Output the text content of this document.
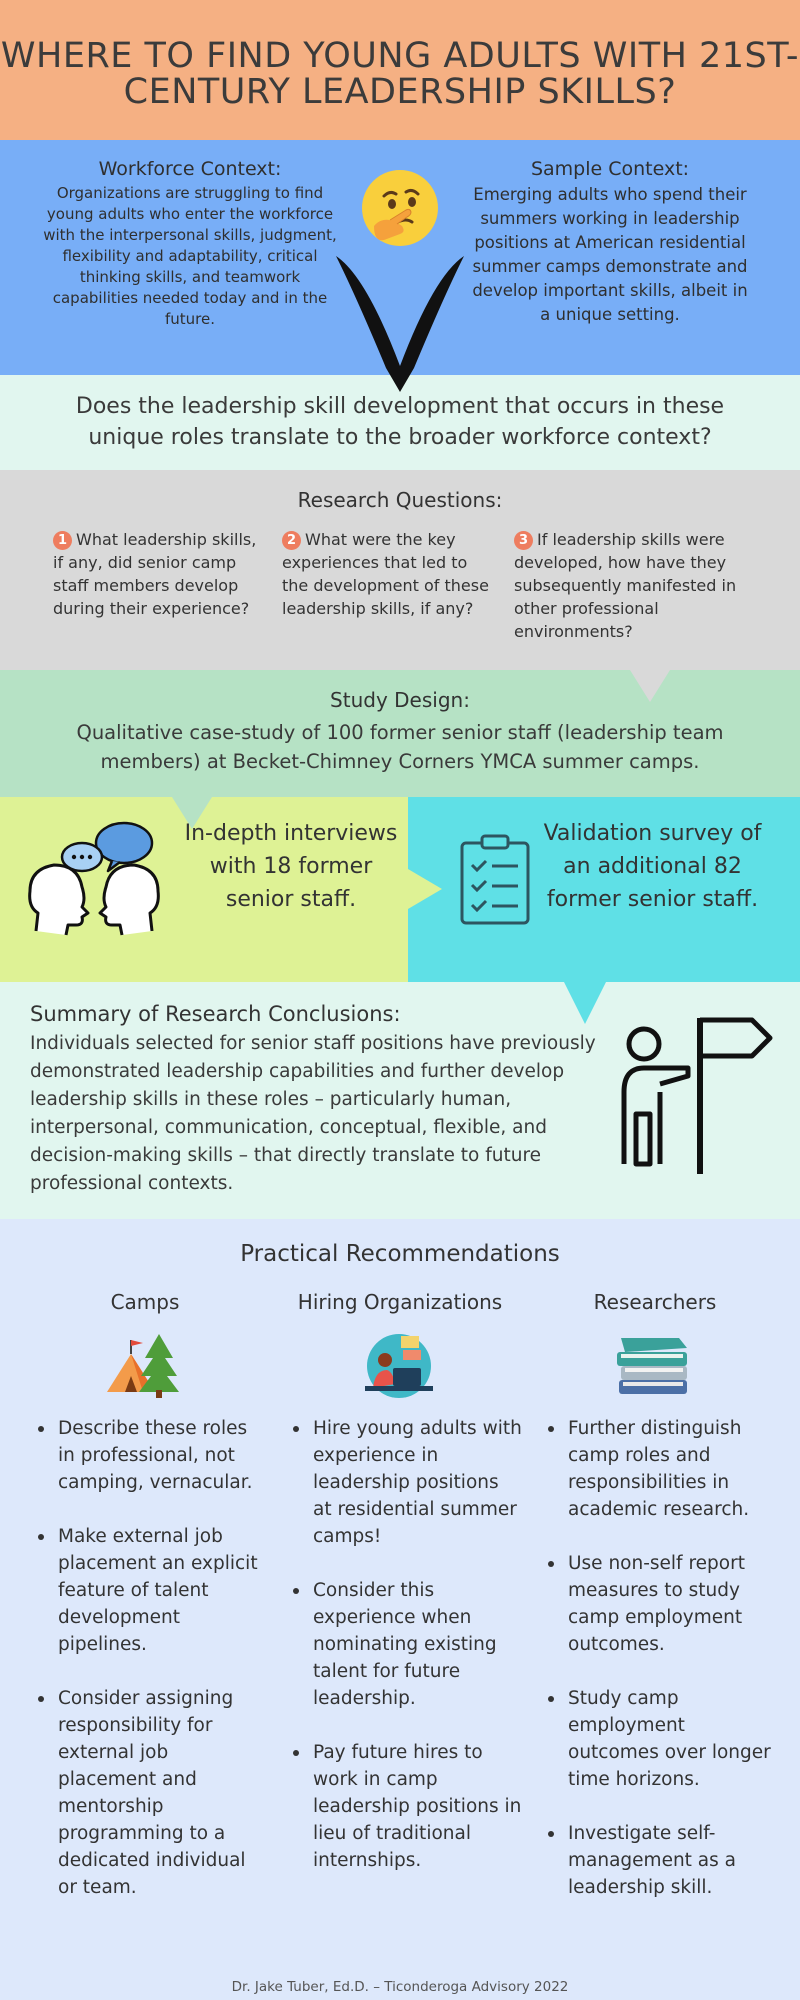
WHERE TO FIND YOUNG ADULTS WITH 21ST-CENTURY LEADERSHIP SKILLS?
Workforce Context:
Organizations are struggling to find young adults who enter the workforce with the interpersonal skills, judgment, flexibility and adaptability, critical thinking skills, and teamwork capabilities needed today and in the future.
Sample Context:
Emerging adults who spend their summers working in leadership positions at American residential summer camps demonstrate and develop important skills, albeit in a unique setting.
Does the leadership skill development that occurs in these unique roles translate to the broader workforce context?
Research Questions:
1 What leadership skills, if any, did senior camp staff members develop during their experience?
2 What were the key experiences that led to the development of these leadership skills, if any?
3 If leadership skills were developed, how have they subsequently manifested in other professional environments?
Study Design:
Qualitative case-study of 100 former senior staff (leadership team members) at Becket-Chimney Corners YMCA summer camps.
In-depth interviews with 18 former senior staff.
Validation survey of an additional 82 former senior staff.
Summary of Research Conclusions:
Individuals selected for senior staff positions have previously demonstrated leadership capabilities and further develop leadership skills in these roles – particularly human, interpersonal, communication, conceptual, flexible, and decision-making skills – that directly translate to future professional contexts.
Practical Recommendations
Camps	Hiring Organizations	Researchers
Describe these roles in professional, not camping, vernacular.
Make external job placement an explicit feature of talent development pipelines.
Consider assigning responsibility for external job placement and mentorship programming to a dedicated individual or team.
Hire young adults with experience in leadership positions at residential summer camps!
Consider this experience when nominating existing talent for future leadership.
Pay future hires to work in camp leadership positions in lieu of traditional internships.
Further distinguish camp roles and responsibilities in academic research.
Use non-self report measures to study camp employment outcomes.
Study camp employment outcomes over longer time horizons.
Investigate self-management as a leadership skill.
Dr. Jake Tuber, Ed.D. – Ticonderoga Advisory 2022
